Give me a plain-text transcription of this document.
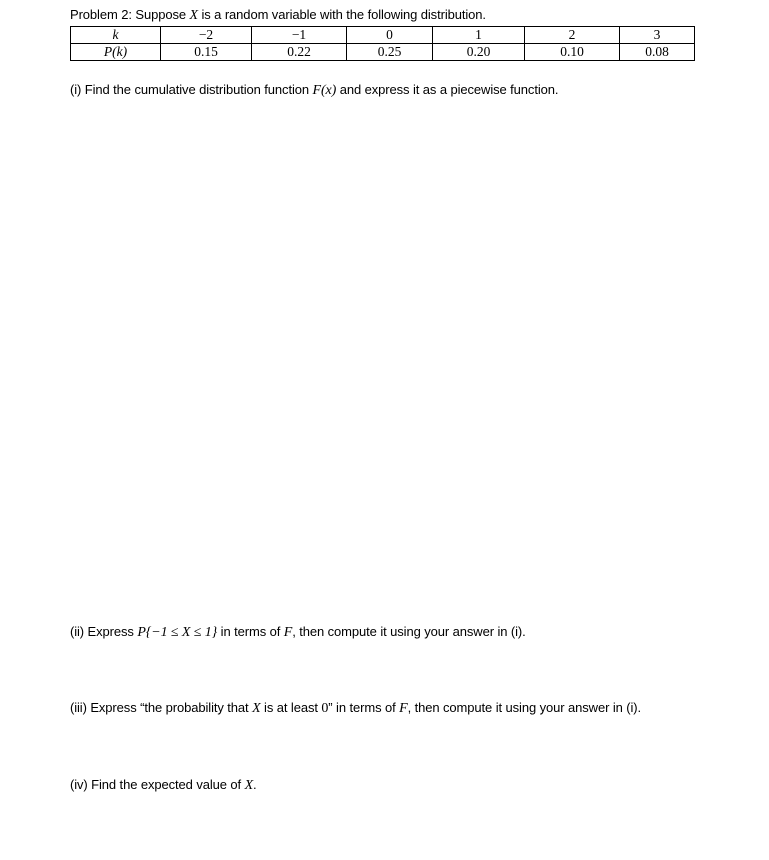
Problem 2: Suppose X is a random variable with the following distribution.
k	−2	−1	0	1	2	3
P(k)	0.15	0.22	0.25	0.20	0.10	0.08
(i) Find the cumulative distribution function F(x) and express it as a piecewise function.
(ii) Express P{−1 ≤ X ≤ 1} in terms of F, then compute it using your answer in (i).
(iii) Express “the probability that X is at least 0” in terms of F, then compute it using your answer in (i).
(iv) Find the expected value of X.
